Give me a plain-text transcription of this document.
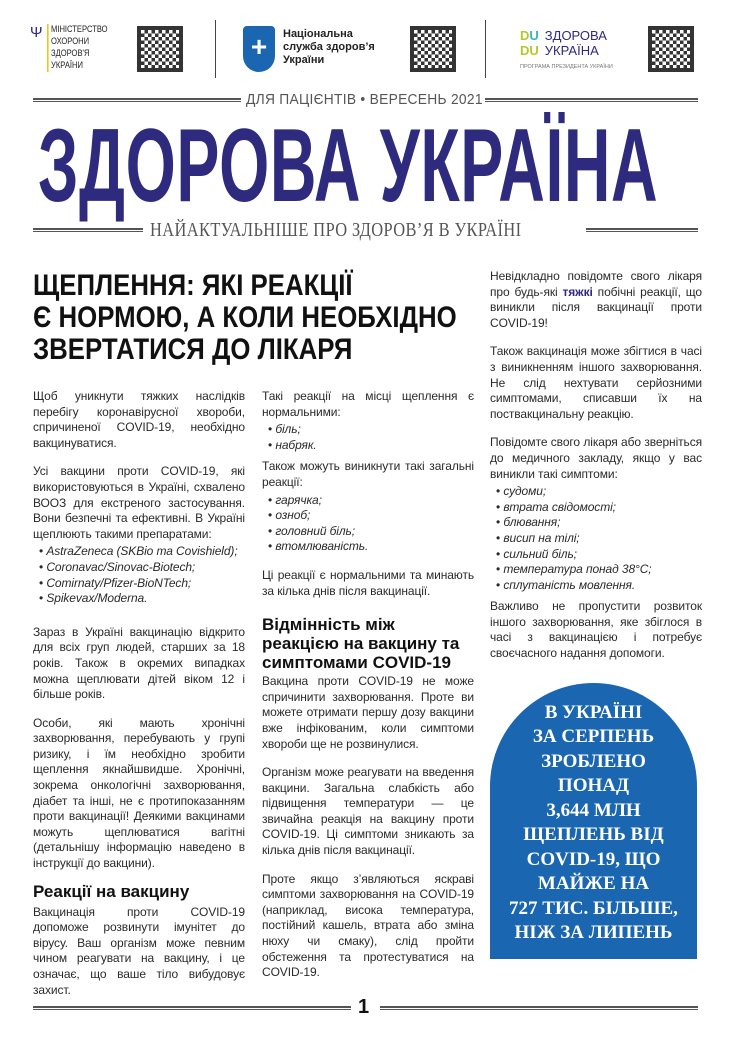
Ψ МІНІСТЕРСТВО
ОХОРОНИ
ЗДОРОВ'Я
УКРАЇНИ
+	Національна
служба здоров’я
України
DU
DU
ЗДОРОВА
УКРАЇНА
ПРОГРАМА ПРЕЗИДЕНТА УКРАЇНИ
ДЛЯ ПАЦІЄНТІВ • ВЕРЕСЕНЬ 2021
ЗДОРОВА УКРАЇНА
НАЙАКТУАЛЬНІШЕ ПРО ЗДОРОВ’Я В УКРАЇНІ
ЩЕПЛЕННЯ: ЯКІ РЕАКЦІЇ
Є НОРМОЮ, А КОЛИ НЕОБХІДНО
ЗВЕРТАТИСЯ ДО ЛІКАРЯ

Щоб уникнути тяжких наслідків перебігу коронавірусної хвороби, спричиненої COVID-19, необхідно вакцинуватися.

Усі вакцини проти COVID-19, які використовуються в Україні, схвалено ВООЗ для екстреного застосування. Вони безпечні та ефективні. В Україні щеплюють такими препаратами:

• AstraZeneca (SKBio та Covishield);
• Coronavac/Sinovac-Biotech;
• Comirnaty/Pfizer-BioNTech;
• Spikevax/Moderna.

Зараз в Україні вакцинацію відкрито для всіх груп людей, старших за 18 років. Також в окремих випадках можна щеплювати дітей віком 12 і більше років.

Особи, які мають хронічні захворювання, перебувають у групі ризику, і їм необхідно зробити щеплення якнайшвидше. Хронічні, зокрема онкологічні захворювання, діабет та інші, не є протипоказанням проти вакцинації! Деякими вакцинами можуть щеплюватися вагітні (детальнішу інформацію наведено в інструкції до вакцини).

Реакції на вакцину

Вакцинація проти COVID-19 допоможе розвинути імунітет до вірусу. Ваш організм може певним чином реагувати на вакцину, і це означає, що ваше тіло вибудовує захист.

Такі реакції на місці щеплення є нормальними:

• біль;
• набряк.

Також можуть виникнути такі загальні реакції:

• гарячка;
• озноб;
• головний біль;
• втомлюваність.

Ці реакції є нормальними та минають за кілька днів після вакцинації.

Відмінність між реакцією на вакцину та симптомами COVID-19

Вакцина проти COVID-19 не може спричинити захворювання. Проте ви можете отримати першу дозу вакцини вже інфікованим, коли симптоми хвороби ще не розвинулися.

Організм може реагувати на введення вакцини. Загальна слабкість або підвищення температури — це звичайна реакція на вакцину проти COVID-19. Ці симптоми зникають за кілька днів після вакцинації.

Проте якщо з’являються яскраві симптоми захворювання на COVID-19 (наприклад, висока температура, постійний кашель, втрата або зміна нюху чи смаку), слід пройти обстеження та протестуватися на COVID-19.

Невідкладно повідомте свого лікаря про будь-які тяжкі побічні реакції, що виникли після вакцинації проти COVID-19!

Також вакцинація може збігтися в часі з виникненням іншого захворювання. Не слід нехтувати серйозними симптомами, списавши їх на поствакцинальну реакцію.

Повідомте свого лікаря або зверніться до медичного закладу, якщо у вас виникли такі симптоми:

• судоми;
• втрата свідомості;
• блювання;
• висип на тілі;
• сильний біль;
• температура понад 38°C;
• сплутаність мовлення.

Важливо не пропустити розвиток іншого захворювання, яке збіглося в часі з вакцинацією і потребує своєчасного надання допомоги.

В УКРАЇНІ
ЗА СЕРПЕНЬ
ЗРОБЛЕНО
ПОНАД
3,644 МЛН
ЩЕПЛЕНЬ ВІД
COVID-19, ЩО
МАЙЖЕ НА
727 ТИС. БІЛЬШЕ,
НІЖ ЗА ЛИПЕНЬ
1
